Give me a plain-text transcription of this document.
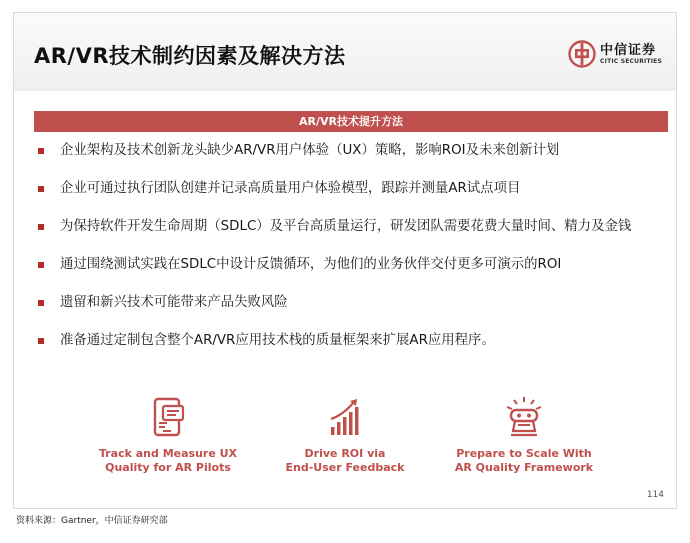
AR/VR技术制约因素及解决方法	中信证券
CITIC SECURITIES
AR/VR技术提升方法
企业架构及技术创新龙头缺少AR/VR用户体验（UX）策略，影响ROI及未来创新计划
企业可通过执行团队创建并记录高质量用户体验模型，跟踪并测量AR试点项目
为保持软件开发生命周期（SDLC）及平台高质量运行，研发团队需要花费大量时间、精力及金钱
通过围绕测试实践在SDLC中设计反馈循环，为他们的业务伙伴交付更多可演示的ROI
遗留和新兴技术可能带来产品失败风险
准备通过定制包含整个AR/VR应用技术栈的质量框架来扩展AR应用程序。
Track and Measure UX
Quality for AR Pilots
Drive ROI via
End-User Feedback
Prepare to Scale With
AR Quality Framework
114
资料来源：Gartner，中信证券研究部
